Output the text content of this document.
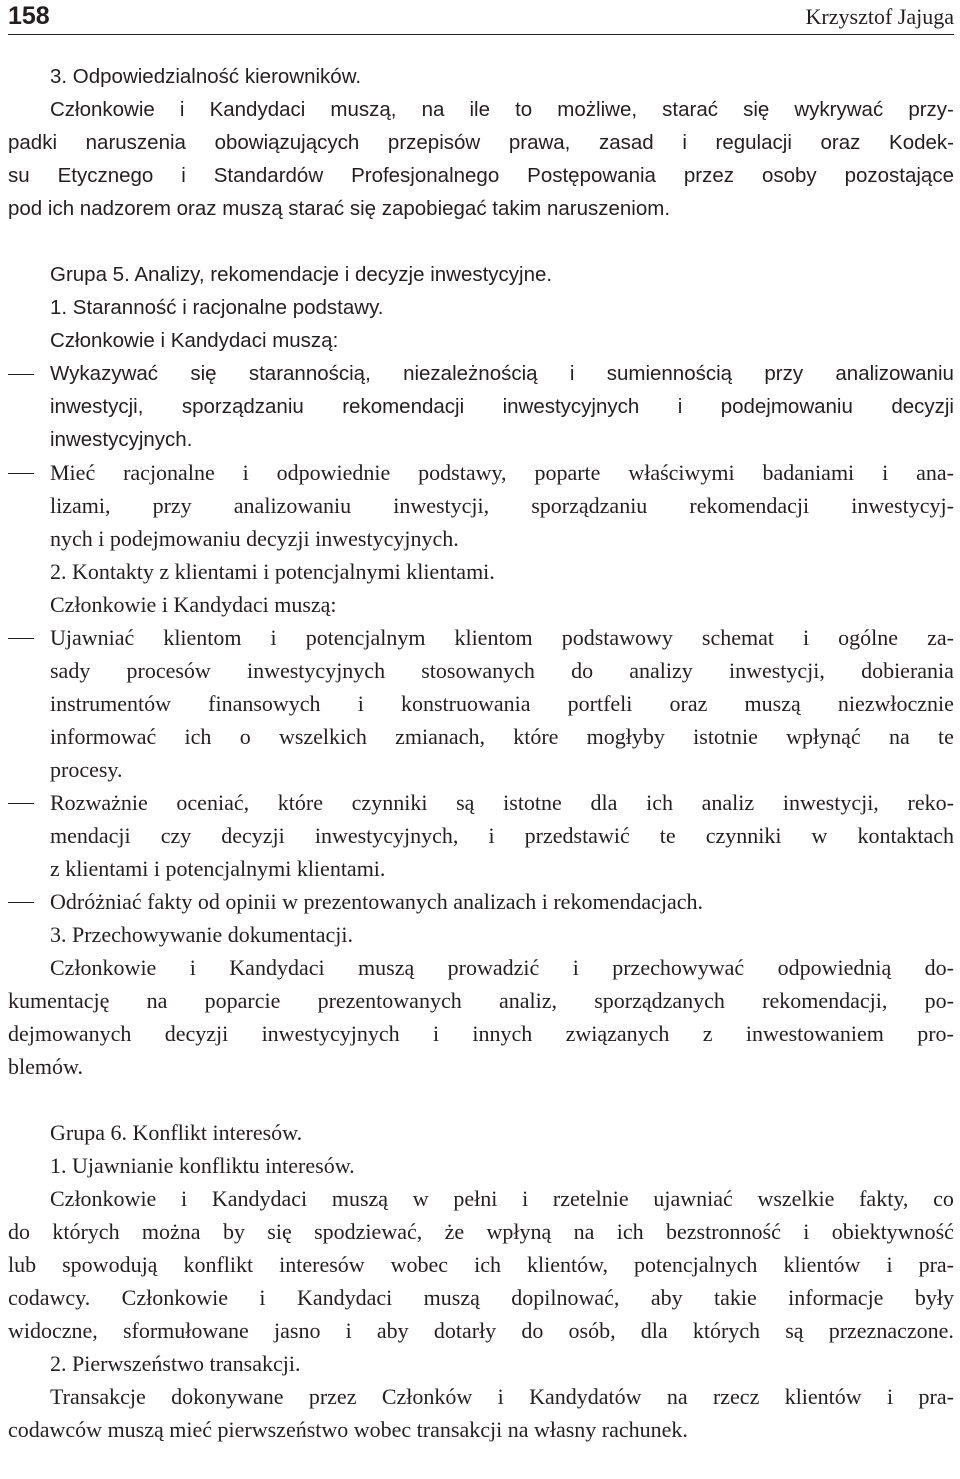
158	Krzysztof Jajuga
3. Odpowiedzialność kierowników.
Członkowie i Kandydaci muszą, na ile to możliwe, starać się wykrywać przy-
padki naruszenia obowiązujących przepisów prawa, zasad i regulacji oraz Kodek-
su Etycznego i Standardów Profesjonalnego Postępowania przez osoby pozostające
pod ich nadzorem oraz muszą starać się zapobiegać takim naruszeniom.
Grupa 5. Analizy, rekomendacje i decyzje inwestycyjne.
1. Staranność i racjonalne podstawy.
Członkowie i Kandydaci muszą:
Wykazywać się starannością, niezależnością i sumiennością przy analizowaniu
inwestycji, sporządzaniu rekomendacji inwestycyjnych i podejmowaniu decyzji
inwestycyjnych.
Mieć racjonalne i odpowiednie podstawy, poparte właściwymi badaniami i ana-
lizami, przy analizowaniu inwestycji, sporządzaniu rekomendacji inwestycyj-
nych i podejmowaniu decyzji inwestycyjnych.
2. Kontakty z klientami i potencjalnymi klientami.
Członkowie i Kandydaci muszą:
Ujawniać klientom i potencjalnym klientom podstawowy schemat i ogólne za-
sady procesów inwestycyjnych stosowanych do analizy inwestycji, dobierania
instrumentów finansowych i konstruowania portfeli oraz muszą niezwłocznie
informować ich o wszelkich zmianach, które mogłyby istotnie wpłynąć na te
procesy.
Rozważnie oceniać, które czynniki są istotne dla ich analiz inwestycji, reko-
mendacji czy decyzji inwestycyjnych, i przedstawić te czynniki w kontaktach
z klientami i potencjalnymi klientami.
Odróżniać fakty od opinii w prezentowanych analizach i rekomendacjach.
3. Przechowywanie dokumentacji.
Członkowie i Kandydaci muszą prowadzić i przechowywać odpowiednią do-
kumentację na poparcie prezentowanych analiz, sporządzanych rekomendacji, po-
dejmowanych decyzji inwestycyjnych i innych związanych z inwestowaniem pro-
blemów.
Grupa 6. Konflikt interesów.
1. Ujawnianie konfliktu interesów.
Członkowie i Kandydaci muszą w pełni i rzetelnie ujawniać wszelkie fakty, co
do których można by się spodziewać, że wpłyną na ich bezstronność i obiektywność
lub spowodują konflikt interesów wobec ich klientów, potencjalnych klientów i pra-
codawcy. Członkowie i Kandydaci muszą dopilnować, aby takie informacje były
widoczne, sformułowane jasno i aby dotarły do osób, dla których są przeznaczone.
2. Pierwszeństwo transakcji.
Transakcje dokonywane przez Członków i Kandydatów na rzecz klientów i pra-
codawców muszą mieć pierwszeństwo wobec transakcji na własny rachunek.
